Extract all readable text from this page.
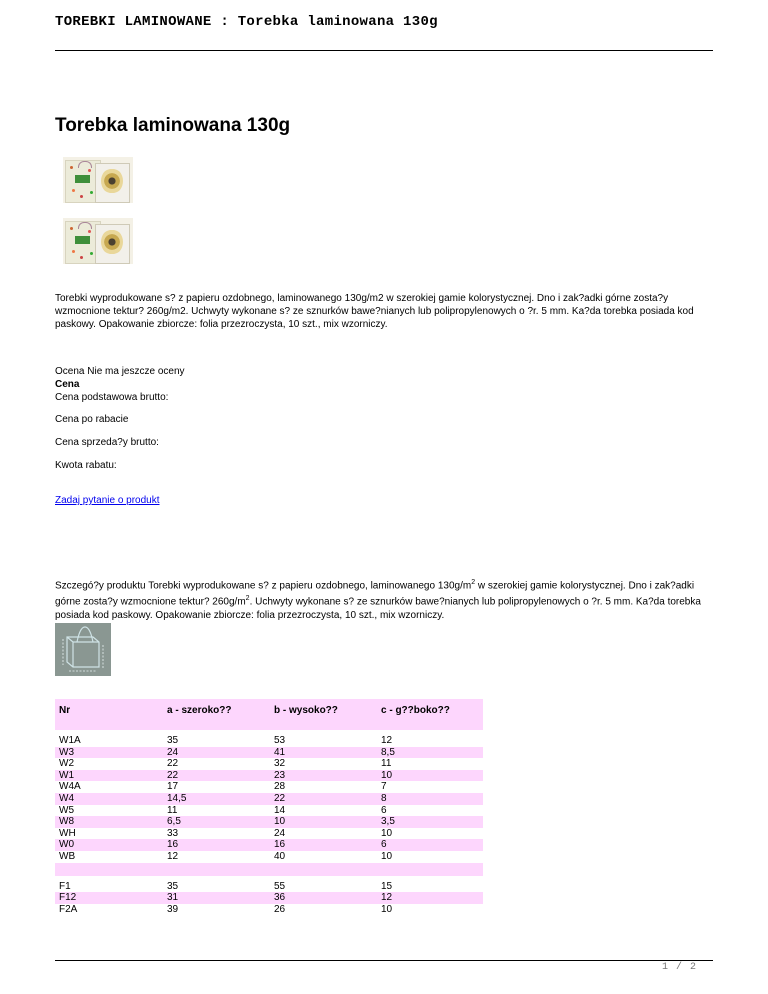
TOREBKI LAMINOWANE : Torebka laminowana 130g
Torebka laminowana 130g

Torebki wyprodukowane s? z papieru ozdobnego, laminowanego 130g/m2 w szerokiej gamie kolorystycznej. Dno i zak?adki górne zosta?y wzmocnione tektur? 260g/m2. Uchwyty wykonane s? ze sznurków bawe?nianych lub polipropylenowych o ?r. 5 mm. Ka?da torebka posiada kod paskowy. Opakowanie zbiorcze: folia przezroczysta, 10 szt., mix wzorniczy.

Ocena Nie ma jeszcze oceny

Cena

Cena podstawowa brutto:

Cena po rabacie

Cena sprzeda?y brutto:

Kwota rabatu:

Zadaj pytanie o produkt

Szczegó?y produktu Torebki wyprodukowane s? z papieru ozdobnego, laminowanego $130g/m^2$ w szerokiej gamie kolorystycznej. Dno i zak?adki górne zosta?y wzmocnione tektur? $260g/m^2$. Uchwyty wykonane s? ze sznurków bawe?nianych lub polipropylenowych o ?r. 5 mm. Ka?da torebka posiada kod paskowy. Opakowanie zbiorcze: folia przezroczysta, 10 szt., mix wzorniczy.

Nr	a - szeroko??	b - wysoko??	c - g??boko??
W1A	35	53	12
W3	24	41	8,5
W2	22	32	11
W1	22	23	10
W4A	17	28	7
W4	14,5	22	8
W5	11	14	6
W8	6,5	10	3,5
WH	33	24	10
W0	16	16	6
WB	12	40	10

F1	35	55	15
F12	31	36	12
F2A	39	26	10
1 / 2
